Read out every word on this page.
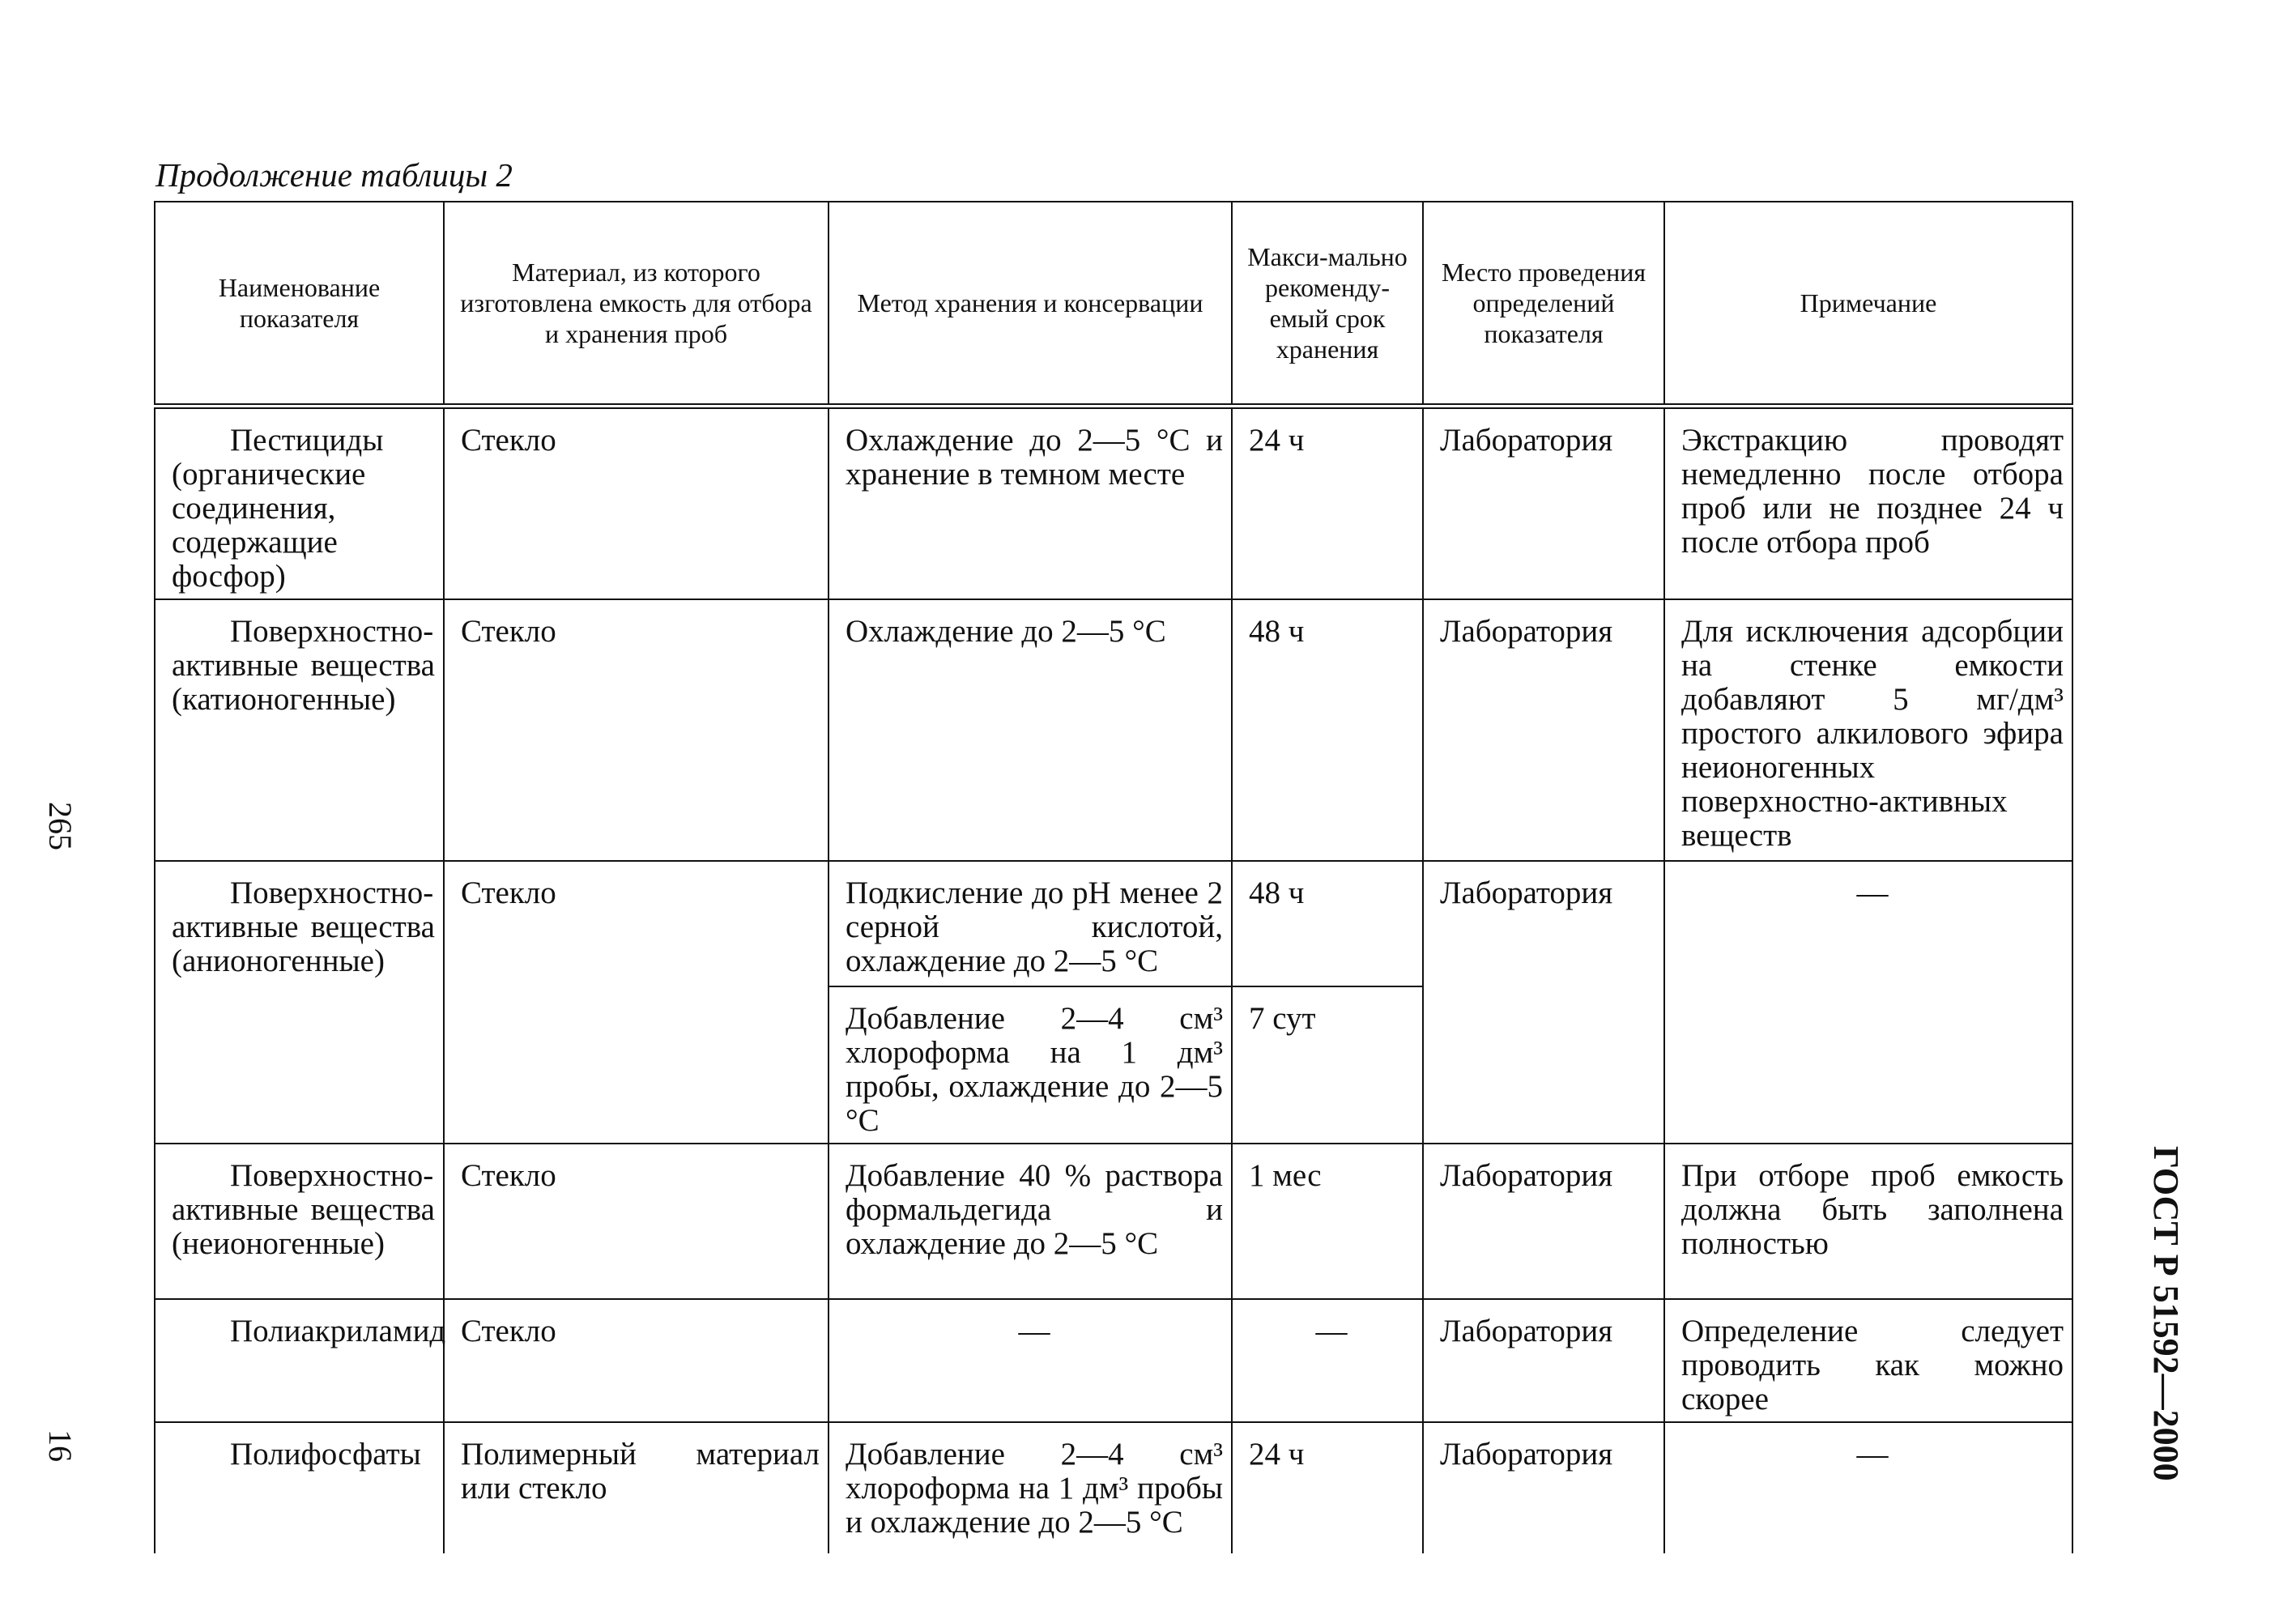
Продолжение таблицы 2
Наименование показателя	Материал, из которого изготовлена емкость для отбора и хранения проб	Метод хранения и консервации	Макси-мально рекоменду-емый срок хранения	Место проведения определений показателя	Примечание
Пестициды (органические соединения, содержащие фосфор)	Стекло	Охлаждение до 2—5 °С и хранение в темном месте	24 ч	Лаборатория	Экстракцию проводят немедленно после отбора проб или не позднее 24 ч после отбора проб
Поверхностно-активные вещества (катионогенные)	Стекло	Охлаждение до 2—5 °С	48 ч	Лаборатория	Для исключения адсорбции на стенке емкости добавляют 5 мг/дм³ простого алкилового эфира неионогенных поверхностно-активных веществ
Поверхностно-активные вещества (анионогенные)	Стекло	Подкисление до рН менее 2 серной кислотой, охлаждение до 2—5 °С	48 ч	Лаборатория	—
		Добавление 2—4 см³ хлороформа на 1 дм³ пробы, охлаждение до 2—5 °С	7 сут		
Поверхностно-активные вещества (неионогенные)	Стекло	Добавление 40 % раствора формальдегида и охлаждение до 2—5 °С	1 мес	Лаборатория	При отборе проб емкость должна быть заполнена полностью
Полиакриламид	Стекло	—	—	Лаборатория	Определение следует проводить как можно скорее
Полифосфаты	Полимерный материал или стекло	Добавление 2—4 см³ хлороформа на 1 дм³ пробы и охлаждение до 2—5 °С	24 ч	Лаборатория	—
265
16	ГОСТ Р 51592—2000
